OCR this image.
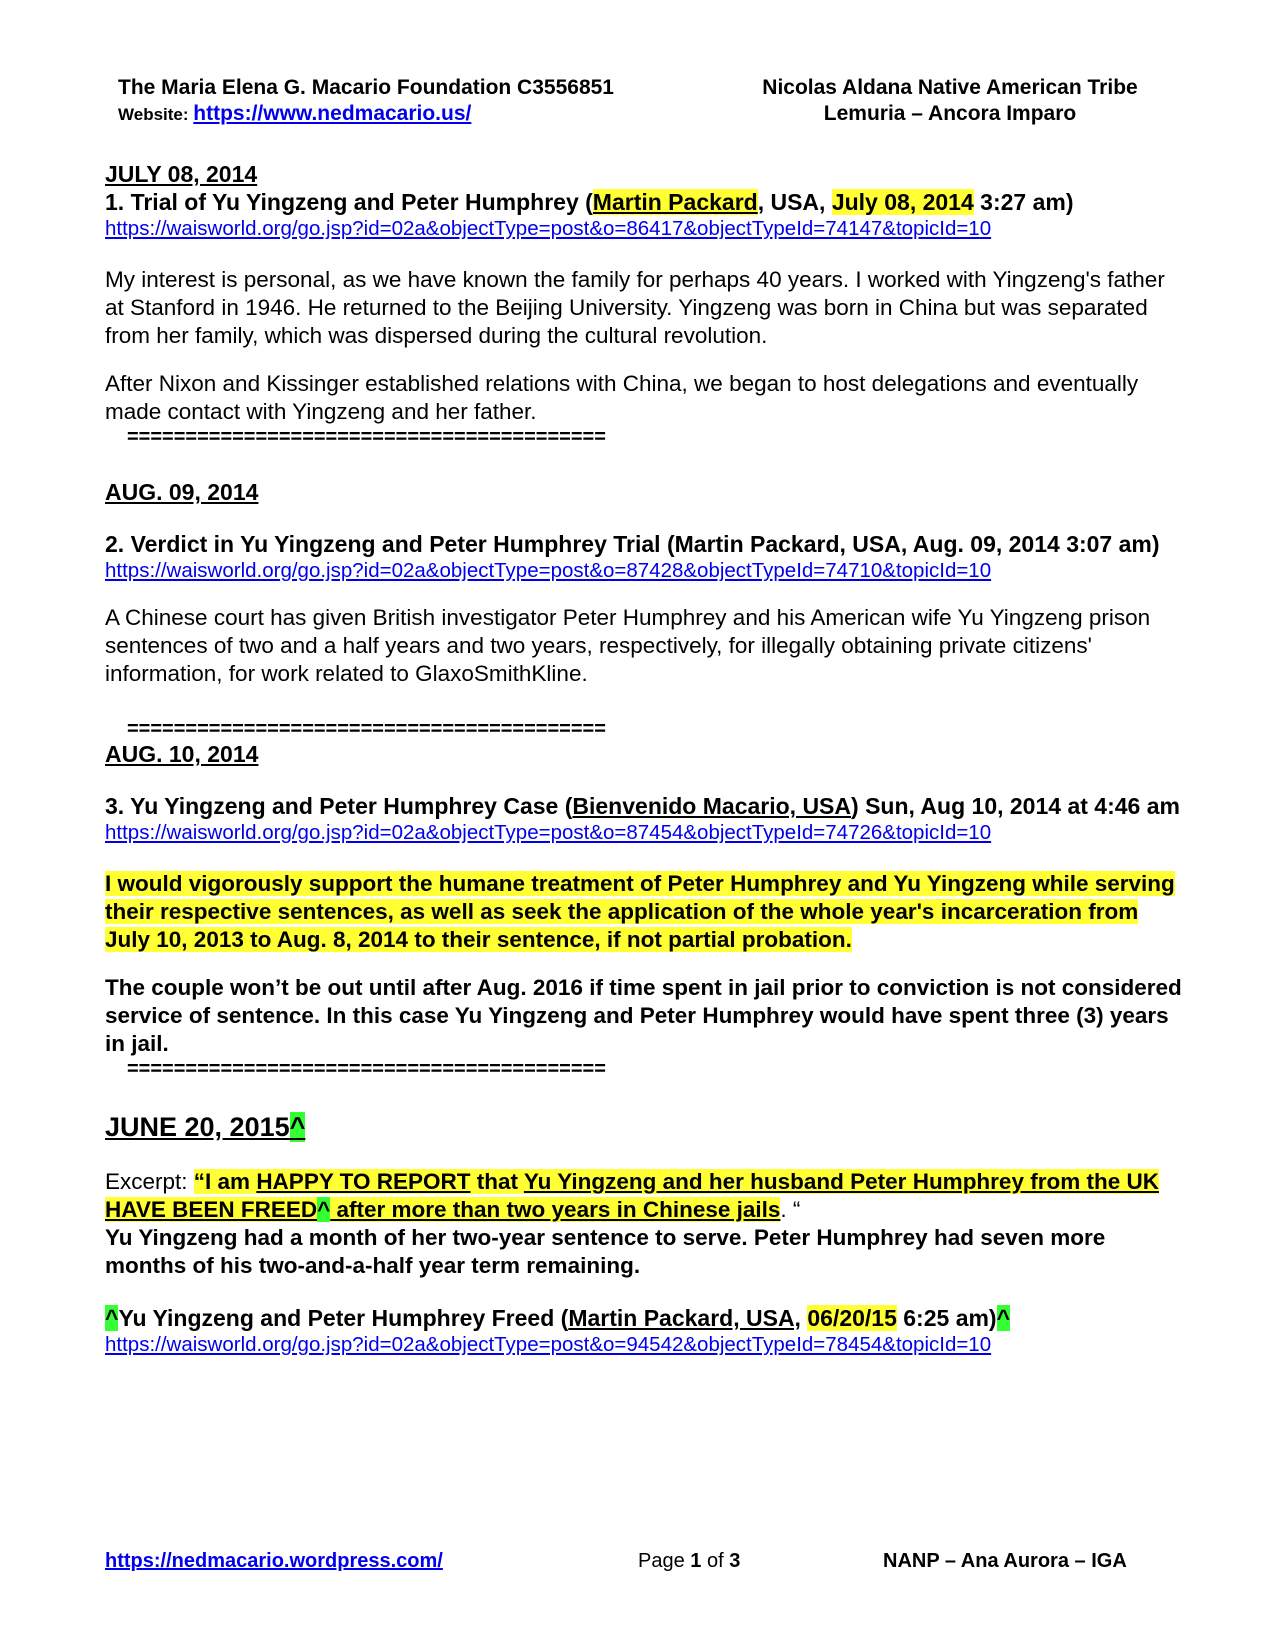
The Maria Elena G. Macario Foundation C3556851
Website: https://www.nedmacario.us/
Nicolas Aldana Native American Tribe
Lemuria – Ancora Imparo

JULY 08, 2014

1. Trial of Yu Yingzeng and Peter Humphrey (Martin Packard, USA, July 08, 2014 3:27 am)

https://waisworld.org/go.jsp?id=02a&objectType=post&o=86417&objectTypeId=74147&topicId=10

My interest is personal, as we have known the family for perhaps 40 years. I worked with Yingzeng's father at Stanford in 1946. He returned to the Beijing University. Yingzeng was born in China but was separated from her family, which was dispersed during the cultural revolution.

After Nixon and Kissinger established relations with China, we began to host delegations and eventually made contact with Yingzeng and her father.

=========================================

AUG. 09, 2014

2. Verdict in Yu Yingzeng and Peter Humphrey Trial (Martin Packard, USA, Aug. 09, 2014 3:07 am)

https://waisworld.org/go.jsp?id=02a&objectType=post&o=87428&objectTypeId=74710&topicId=10

A Chinese court has given British investigator Peter Humphrey and his American wife Yu Yingzeng prison sentences of two and a half years and two years, respectively, for illegally obtaining private citizens' information, for work related to GlaxoSmithKline.

=========================================

AUG. 10, 2014

3. Yu Yingzeng and Peter Humphrey Case (Bienvenido Macario, USA) Sun, Aug 10, 2014 at 4:46 am

https://waisworld.org/go.jsp?id=02a&objectType=post&o=87454&objectTypeId=74726&topicId=10

I would vigorously support the humane treatment of Peter Humphrey and Yu Yingzeng while serving their respective sentences, as well as seek the application of the whole year's incarceration from July 10, 2013 to Aug. 8, 2014 to their sentence, if not partial probation.

The couple won’t be out until after Aug. 2016 if time spent in jail prior to conviction is not considered service of sentence. In this case Yu Yingzeng and Peter Humphrey would have spent three (3) years in jail.

=========================================

JUNE 20, 2015^

Excerpt: “I am HAPPY TO REPORT that Yu Yingzeng and her husband Peter Humphrey from the UK HAVE BEEN FREED^ after more than two years in Chinese jails. “

Yu Yingzeng had a month of her two-year sentence to serve. Peter Humphrey had seven more months of his two-and-a-half year term remaining.

^Yu Yingzeng and Peter Humphrey Freed (Martin Packard, USA, 06/20/15 6:25 am)^

https://waisworld.org/go.jsp?id=02a&objectType=post&o=94542&objectTypeId=78454&topicId=10

https://nedmacario.wordpress.com/	Page 1 of 3	NANP – Ana Aurora – IGA
